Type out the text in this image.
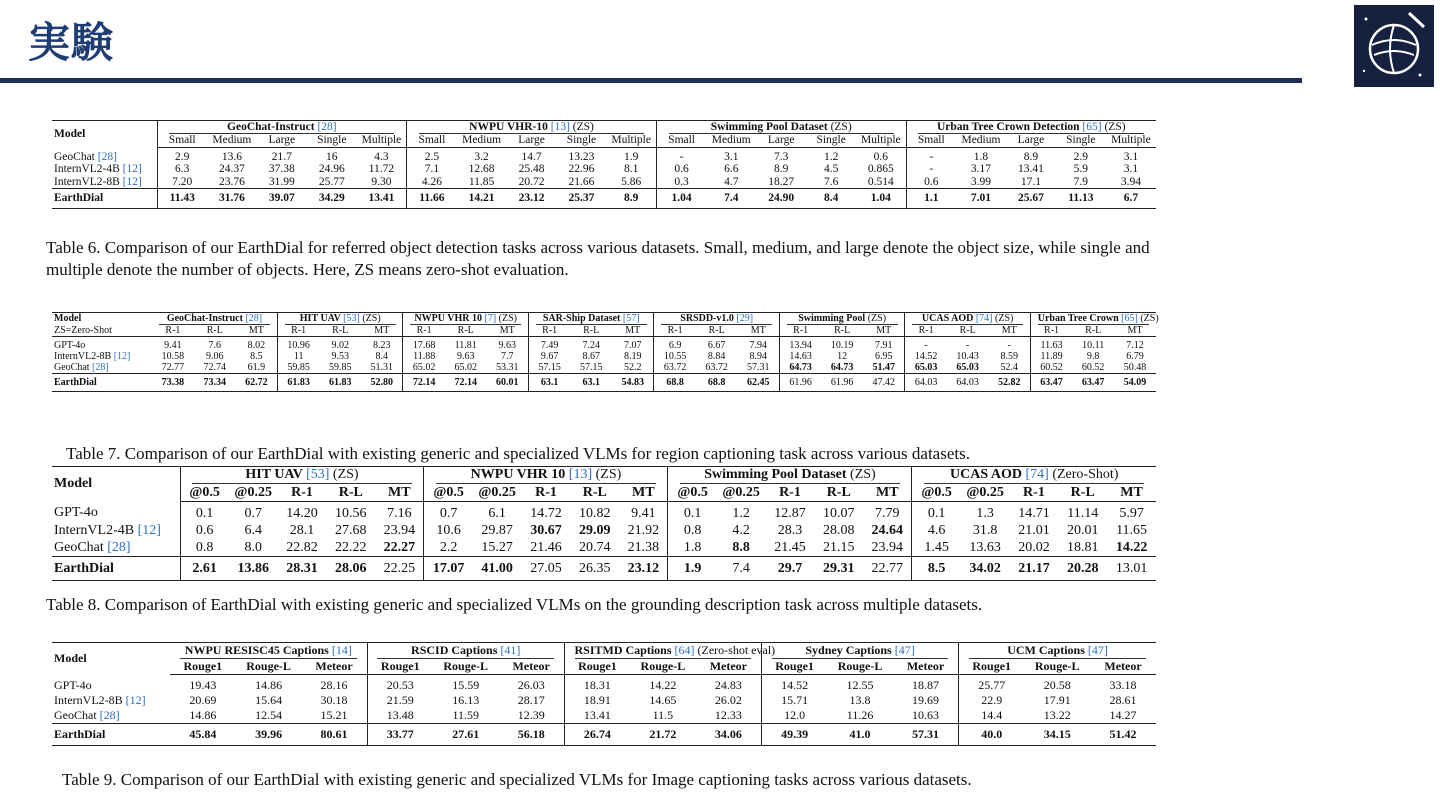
実験
Model	GeoChat-Instruct [28]					NWPU VHR-10 [13] (ZS)					Swimming Pool Dataset (ZS)					Urban Tree Crown Detection [65] (ZS)				
	Small	Medium	Large	Single	Multiple	Small	Medium	Large	Single	Multiple	Small	Medium	Large	Single	Multiple	Small	Medium	Large	Single	Multiple
GeoChat [28]	2.9	13.6	21.7	16	4.3	2.5	3.2	14.7	13.23	1.9	-	3.1	7.3	1.2	0.6	-	1.8	8.9	2.9	3.1
InternVL2-4B [12]	6.3	24.37	37.38	24.96	11.72	7.1	12.68	25.48	22.96	8.1	0.6	6.6	8.9	4.5	0.865	-	3.17	13.41	5.9	3.1
InternVL2-8B [12]	7.20	23.76	31.99	25.77	9.30	4.26	11.85	20.72	21.66	5.86	0.3	4.7	18.27	7.6	0.514	0.6	3.99	17.1	7.9	3.94
EarthDial	11.43	31.76	39.07	34.29	13.41	11.66	14.21	23.12	25.37	8.9	1.04	7.4	24.90	8.4	1.04	1.1	7.01	25.67	11.13	6.7
Table 6. Comparison of our EarthDial for referred object detection tasks across various datasets. Small, medium, and large denote the object size, while single and multiple denote the number of objects. Here, ZS means zero-shot evaluation.
Model	GeoChat-Instruct [28]			HIT UAV [53] (ZS)			NWPU VHR 10 [7] (ZS)			SAR-Ship Dataset [57]			SRSDD-v1.0 [29]			Swimming Pool (ZS)			UCAS AOD [74] (ZS)			Urban Tree Crown [65] (ZS)		
ZS=Zero-Shot	R-1	R-L	MT	R-1	R-L	MT	R-1	R-L	MT	R-1	R-L	MT	R-1	R-L	MT	R-1	R-L	MT	R-1	R-L	MT	R-1	R-L	MT
GPT-4o	9.41	7.6	8.02	10.96	9.02	8.23	17.68	11.81	9.63	7.49	7.24	7.07	6.9	6.67	7.94	13.94	10.19	7.91	-	-	-	11.63	10.11	7.12
InternVL2-8B [12]	10.58	9.06	8.5	11	9.53	8.4	11.88	9.63	7.7	9.67	8.67	8.19	10.55	8.84	8.94	14.63	12	6.95	14.52	10.43	8.59	11.89	9.8	6.79
GeoChat [28]	72.77	72.74	61.9	59.85	59.85	51.31	65.02	65.02	53.31	57.15	57.15	52.2	63.72	63.72	57.31	64.73	64.73	51.47	65.03	65.03	52.4	60.52	60.52	50.48
EarthDial	73.38	73.34	62.72	61.83	61.83	52.80	72.14	72.14	60.01	63.1	63.1	54.83	68.8	68.8	62.45	61.96	61.96	47.42	64.03	64.03	52.82	63.47	63.47	54.09
Table 7. Comparison of our EarthDial with existing generic and specialized VLMs for region captioning task across various datasets.
Model	HIT UAV [53] (ZS)					NWPU VHR 10 [13] (ZS)					Swimming Pool Dataset (ZS)					UCAS AOD [74] (Zero-Shot)				
	@0.5	@0.25	R-1	R-L	MT	@0.5	@0.25	R-1	R-L	MT	@0.5	@0.25	R-1	R-L	MT	@0.5	@0.25	R-1	R-L	MT
GPT-4o	0.1	0.7	14.20	10.56	7.16	0.7	6.1	14.72	10.82	9.41	0.1	1.2	12.87	10.07	7.79	0.1	1.3	14.71	11.14	5.97
InternVL2-4B [12]	0.6	6.4	28.1	27.68	23.94	10.6	29.87	30.67	29.09	21.92	0.8	4.2	28.3	28.08	24.64	4.6	31.8	21.01	20.01	11.65
GeoChat [28]	0.8	8.0	22.82	22.22	22.27	2.2	15.27	21.46	20.74	21.38	1.8	8.8	21.45	21.15	23.94	1.45	13.63	20.02	18.81	14.22
EarthDial	2.61	13.86	28.31	28.06	22.25	17.07	41.00	27.05	26.35	23.12	1.9	7.4	29.7	29.31	22.77	8.5	34.02	21.17	20.28	13.01
Table 8. Comparison of EarthDial with existing generic and specialized VLMs on the grounding description task across multiple datasets.
Model	NWPU RESISC45 Captions [14]			RSCID Captions [41]			RSITMD Captions [64] (Zero-shot eval)			Sydney Captions [47]			UCM Captions [47]		
	Rouge1	Rouge-L	Meteor	Rouge1	Rouge-L	Meteor	Rouge1	Rouge-L	Meteor	Rouge1	Rouge-L	Meteor	Rouge1	Rouge-L	Meteor
GPT-4o	19.43	14.86	28.16	20.53	15.59	26.03	18.31	14.22	24.83	14.52	12.55	18.87	25.77	20.58	33.18
InternVL2-8B [12]	20.69	15.64	30.18	21.59	16.13	28.17	18.91	14.65	26.02	15.71	13.8	19.69	22.9	17.91	28.61
GeoChat [28]	14.86	12.54	15.21	13.48	11.59	12.39	13.41	11.5	12.33	12.0	11.26	10.63	14.4	13.22	14.27
EarthDial	45.84	39.96	80.61	33.77	27.61	56.18	26.74	21.72	34.06	49.39	41.0	57.31	40.0	34.15	51.42
Table 9. Comparison of our EarthDial with existing generic and specialized VLMs for Image captioning tasks across various datasets.
